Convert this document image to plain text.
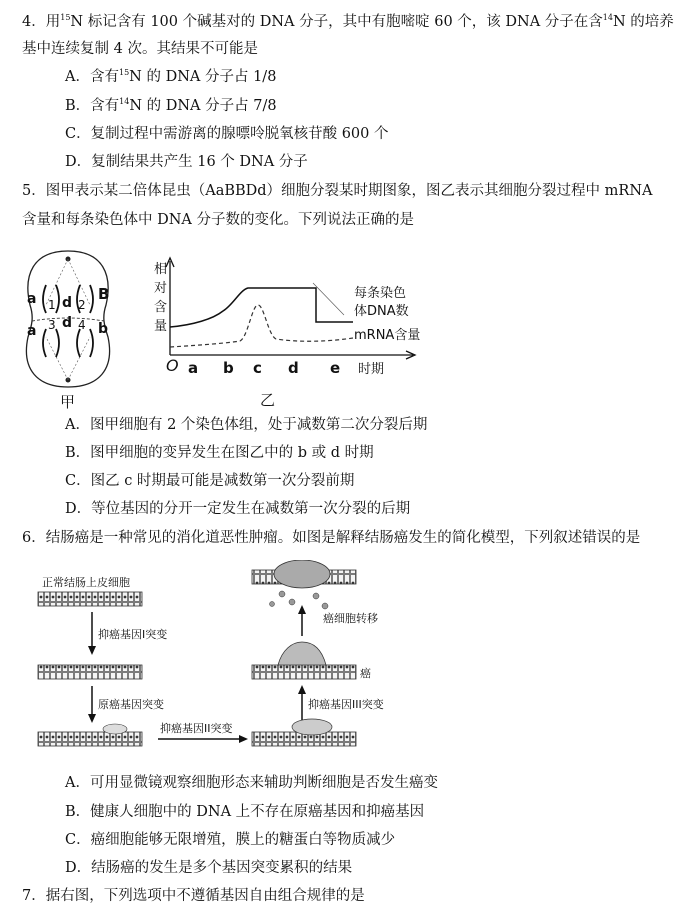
4．用$^{15}$N 标记含有 100 个碱基对的 DNA 分子，其中有胞嘧啶 60 个，该 DNA 分子在含$^{14}$N 的培养
基中连续复制 4 次。其结果不可能是
A．含有$^{15}$N 的 DNA 分子占 1/8
B．含有$^{14}$N 的 DNA 分子占 7/8
C．复制过程中需游离的腺嘌呤脱氧核苷酸 600 个
D．复制结果共产生 16 个 DNA 分子
5．图甲表示某二倍体昆虫（AaBBDd）细胞分裂某时期图象，图乙表示其细胞分裂过程中 mRNA
含量和每条染色体中 DNA 分子数的变化。下列说法正确的是
a	B
1 d 2
3 d 4
a	b
甲
相
对
含
量
每条染色
体DNA数
mRNA含量
O a b c d e 时期
乙
A．图甲细胞有 2 个染色体组，处于减数第二次分裂后期
B．图甲细胞的变异发生在图乙中的 b 或 d 时期
C．图乙 c 时期最可能是减数第一次分裂前期
D．等位基因的分开一定发生在减数第一次分裂的后期
6．结肠癌是一种常见的消化道恶性肿瘤。如图是解释结肠癌发生的简化模型，下列叙述错误的是
正常结肠上皮细胞
抑癌基因I突变
原癌基因突变
抑癌基因II突变
抑癌基因III突变
癌
癌细胞转移
A．可用显微镜观察细胞形态来辅助判断细胞是否发生癌变
B．健康人细胞中的 DNA 上不存在原癌基因和抑癌基因
C．癌细胞能够无限增殖，膜上的糖蛋白等物质减少
D．结肠癌的发生是多个基因突变累积的结果
7．据右图，下列选项中不遵循基因自由组合规律的是
